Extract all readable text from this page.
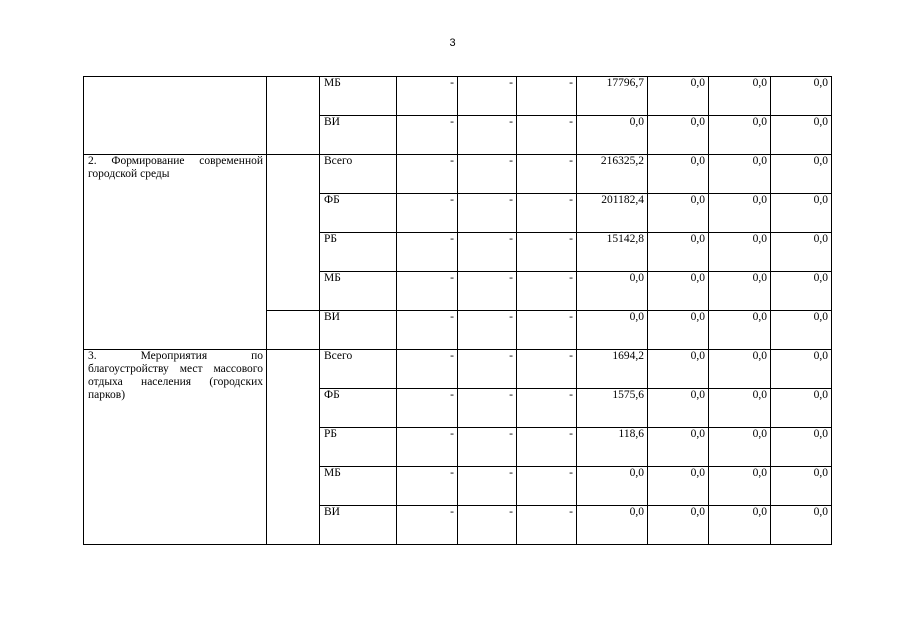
3
		МБ	-	-	-	17796,7	0,0	0,0	0,0
		ВИ	-	-	-	0,0	0,0	0,0	0,0
2. Формирование современной городской среды		Всего	-	-	-	216325,2	0,0	0,0	0,0
		ФБ	-	-	-	201182,4	0,0	0,0	0,0
		РБ	-	-	-	15142,8	0,0	0,0	0,0
		МБ	-	-	-	0,0	0,0	0,0	0,0
		ВИ	-	-	-	0,0	0,0	0,0	0,0
3. Мероприятия по благоустройству мест массового отдыха населения (городских парков)		Всего	-	-	-	1694,2	0,0	0,0	0,0
		ФБ	-	-	-	1575,6	0,0	0,0	0,0
		РБ	-	-	-	118,6	0,0	0,0	0,0
		МБ	-	-	-	0,0	0,0	0,0	0,0
		ВИ	-	-	-	0,0	0,0	0,0	0,0
